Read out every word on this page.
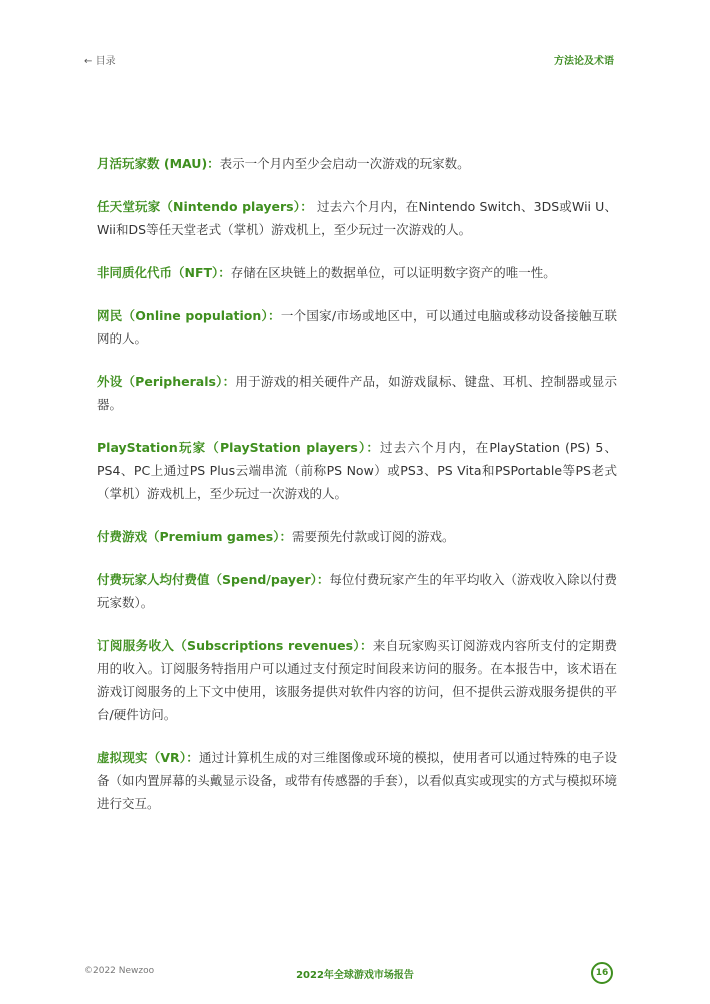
← 目录	方法论及术语

月活玩家数 (MAU)：表示一个月内至少会启动一次游戏的玩家数。

任天堂玩家（Nintendo players）： 过去六个月内，在Nintendo Switch、3DS或Wii U、Wii和DS等任天堂老式（掌机）游戏机上，至少玩过一次游戏的人。

非同质化代币（NFT）：存储在区块链上的数据单位，可以证明数字资产的唯一性。

网民（Online population）：一个国家/市场或地区中，可以通过电脑或移动设备接触互联网的人。

外设（Peripherals）：用于游戏的相关硬件产品，如游戏鼠标、键盘、耳机、控制器或显示器。

PlayStation玩家（PlayStation players）：过去六个月内，在PlayStation (PS) 5、PS4、PC上通过PS Plus云端串流（前称PS Now）或PS3、PS Vita和PSPortable等PS老式（掌机）游戏机上，至少玩过一次游戏的人。

付费游戏（Premium games）：需要预先付款或订阅的游戏。

付费玩家人均付费值（Spend/payer）：每位付费玩家产生的年平均收入（游戏收入除以付费玩家数）。

订阅服务收入（Subscriptions revenues）：来自玩家购买订阅游戏内容所支付的定期费用的收入。订阅服务特指用户可以通过支付预定时间段来访问的服务。在本报告中，该术语在游戏订阅服务的上下文中使用，该服务提供对软件内容的访问，但不提供云游戏服务提供的平台/硬件访问。

虚拟现实（VR）：通过计算机生成的对三维图像或环境的模拟，使用者可以通过特殊的电子设备（如内置屏幕的头戴显示设备，或带有传感器的手套），以看似真实或现实的方式与模拟环境进行交互。

©2022 Newzoo	2022年全球游戏市场报告	16
